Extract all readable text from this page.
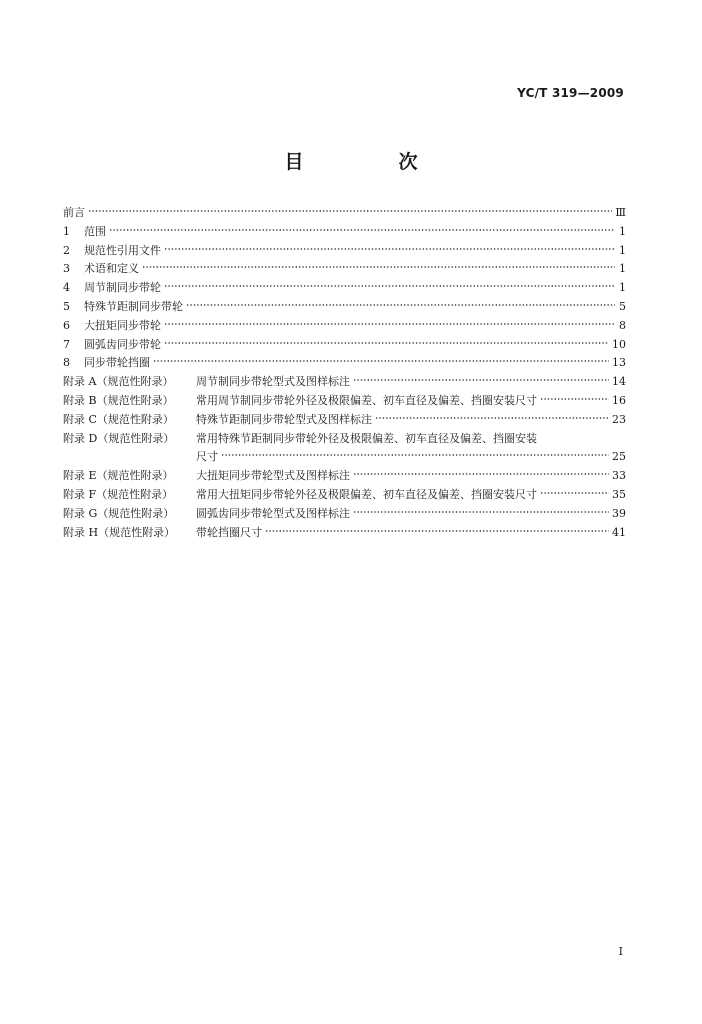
YC/T 319—2009
目　次
前言	Ⅲ
1	范围	1
2	规范性引用文件	1
3	术语和定义	1
4	周节制同步带轮	1
5	特殊节距制同步带轮	5
6	大扭矩同步带轮	8
7	圆弧齿同步带轮	10
8	同步带轮挡圈	13
附录 A（规范性附录）	周节制同步带轮型式及图样标注	14
附录 B（规范性附录）	常用周节制同步带轮外径及极限偏差、初车直径及偏差、挡圈安装尺寸	16
附录 C（规范性附录）	特殊节距制同步带轮型式及图样标注	23
附录 D（规范性附录）	常用特殊节距制同步带轮外径及极限偏差、初车直径及偏差、挡圈安装
尺寸	25
附录 E（规范性附录）	大扭矩同步带轮型式及图样标注	33
附录 F（规范性附录）	常用大扭矩同步带轮外径及极限偏差、初车直径及偏差、挡圈安装尺寸	35
附录 G（规范性附录）	圆弧齿同步带轮型式及图样标注	39
附录 H（规范性附录）	带轮挡圈尺寸	41
Ⅰ
